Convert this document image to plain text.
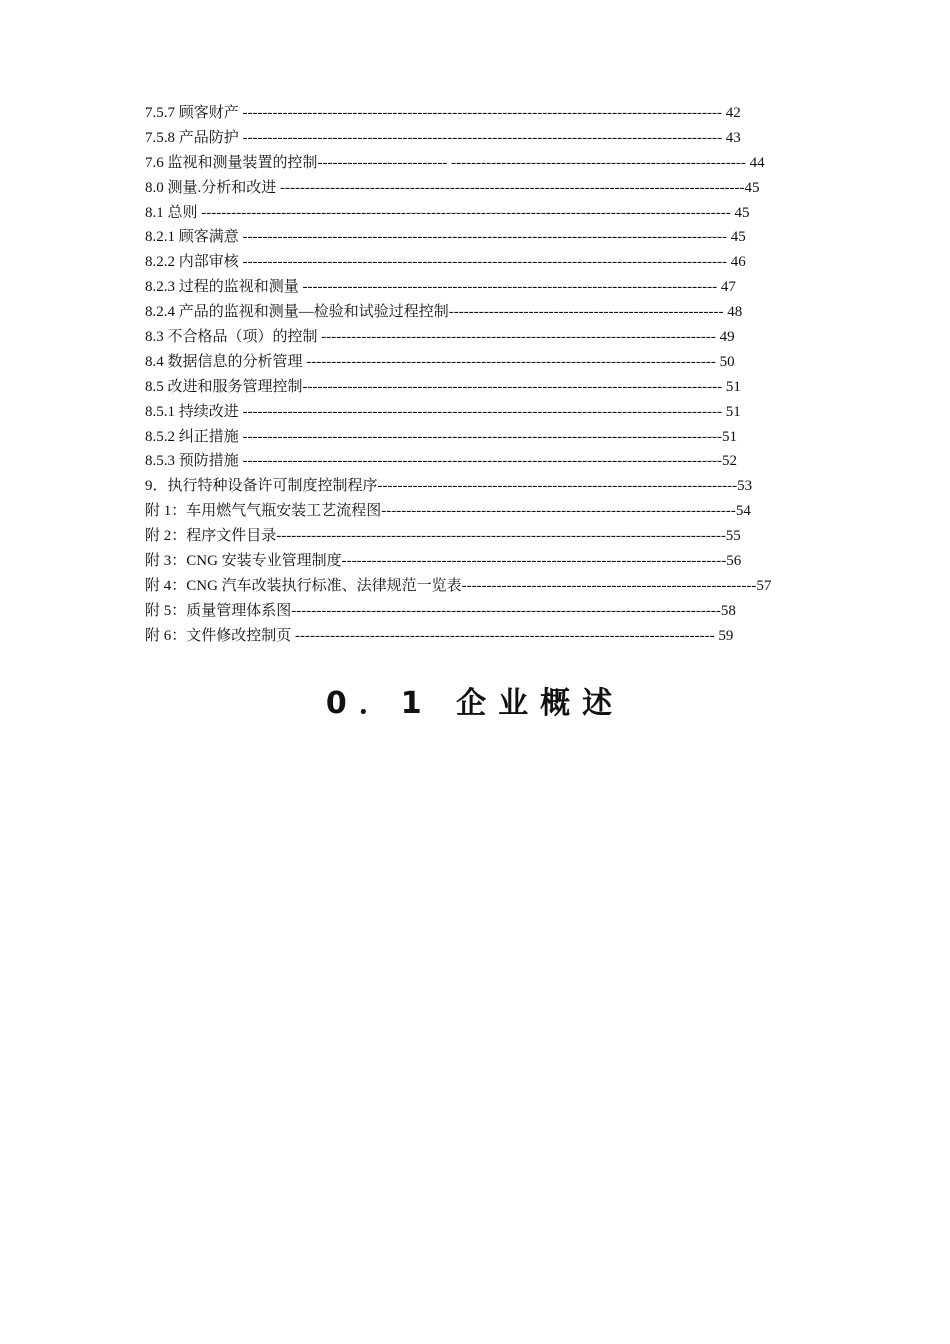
7.5.7 顾客财产 ------------------------------------------------------------------------------------------------ 42
7.5.8 产品防护 ------------------------------------------------------------------------------------------------ 43
7.6 监视和测量装置的控制-------------------------- ----------------------------------------------------------- 44
8.0 测量.分析和改进 ---------------------------------------------------------------------------------------------45
8.1 总则 ---------------------------------------------------------------------------------------------------------- 45
8.2.1 顾客满意 ------------------------------------------------------------------------------------------------- 45
8.2.2 内部审核 ------------------------------------------------------------------------------------------------- 46
8.2.3 过程的监视和测量 ----------------------------------------------------------------------------------- 47
8.2.4 产品的监视和测量—检验和试验过程控制------------------------------------------------------- 48
8.3 不合格品（项）的控制 ------------------------------------------------------------------------------- 49
8.4 数据信息的分析管理 ---------------------------------------------------------------------------------- 50
8.5 改进和服务管理控制------------------------------------------------------------------------------------ 51
8.5.1 持续改进 ------------------------------------------------------------------------------------------------ 51
8.5.2 纠正措施 ------------------------------------------------------------------------------------------------51
8.5.3 预防措施 ------------------------------------------------------------------------------------------------52
9．执行特种设备许可制度控制程序------------------------------------------------------------------------53
附 1：车用燃气气瓶安装工艺流程图-----------------------------------------------------------------------54
附 2：程序文件目录------------------------------------------------------------------------------------------55
附 3：CNG 安装专业管理制度-----------------------------------------------------------------------------56
附 4：CNG 汽车改装执行标准、法律规范一览表-----------------------------------------------------------57
附 5：质量管理体系图--------------------------------------------------------------------------------------58
附 6：文件修改控制页 ------------------------------------------------------------------------------------ 59
0．1 企业概述
